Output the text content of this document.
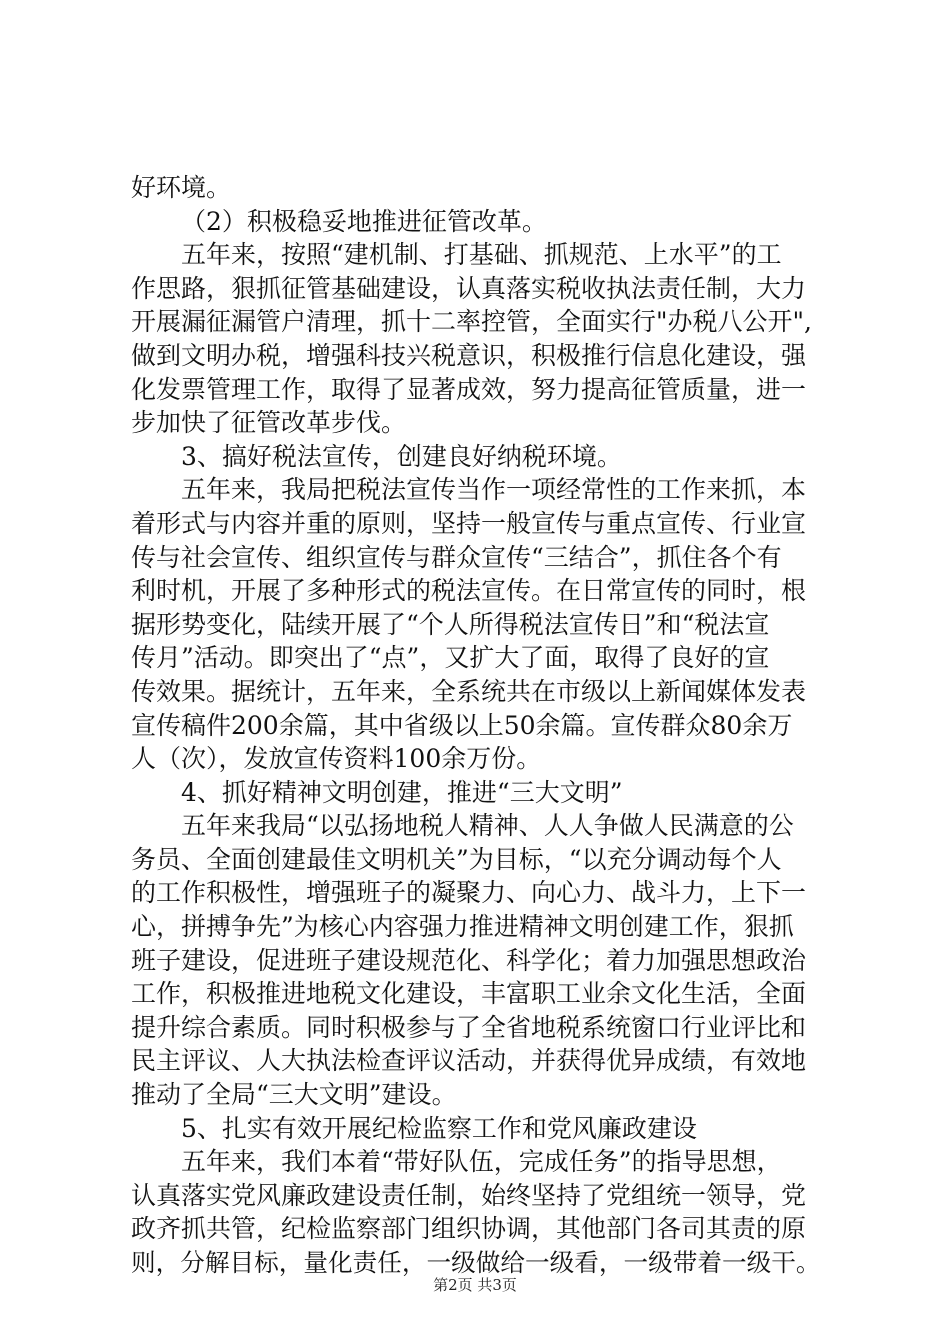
好环境。
（2）积极稳妥地推进征管改革。
五年来，按照“建机制、打基础、抓规范、上水平”的工
作思路，狠抓征管基础建设，认真落实税收执法责任制，大力
开展漏征漏管户清理，抓十二率控管，全面实行"办税八公开",
做到文明办税，增强科技兴税意识，积极推行信息化建设，强
化发票管理工作，取得了显著成效，努力提高征管质量，进一
步加快了征管改革步伐。
3、搞好税法宣传，创建良好纳税环境。
五年来，我局把税法宣传当作一项经常性的工作来抓，本
着形式与内容并重的原则，坚持一般宣传与重点宣传、行业宣
传与社会宣传、组织宣传与群众宣传“三结合”，抓住各个有
利时机，开展了多种形式的税法宣传。在日常宣传的同时，根
据形势变化，陆续开展了“个人所得税法宣传日”和“税法宣
传月”活动。即突出了“点”，又扩大了面，取得了良好的宣
传效果。据统计，五年来，全系统共在市级以上新闻媒体发表
宣传稿件200余篇，其中省级以上50余篇。宣传群众80余万
人（次），发放宣传资料100余万份。
4、抓好精神文明创建，推进“三大文明”
五年来我局“以弘扬地税人精神、人人争做人民满意的公
务员、全面创建最佳文明机关”为目标，“以充分调动每个人
的工作积极性，增强班子的凝聚力、向心力、战斗力，上下一
心，拼搏争先”为核心内容强力推进精神文明创建工作，狠抓
班子建设，促进班子建设规范化、科学化；着力加强思想政治
工作，积极推进地税文化建设，丰富职工业余文化生活，全面
提升综合素质。同时积极参与了全省地税系统窗口行业评比和
民主评议、人大执法检查评议活动，并获得优异成绩，有效地
推动了全局“三大文明”建设。
5、扎实有效开展纪检监察工作和党风廉政建设
五年来，我们本着“带好队伍，完成任务”的指导思想，
认真落实党风廉政建设责任制，始终坚持了党组统一领导，党
政齐抓共管，纪检监察部门组织协调，其他部门各司其责的原
则，分解目标，量化责任，一级做给一级看，一级带着一级干。
第2页 共3页
